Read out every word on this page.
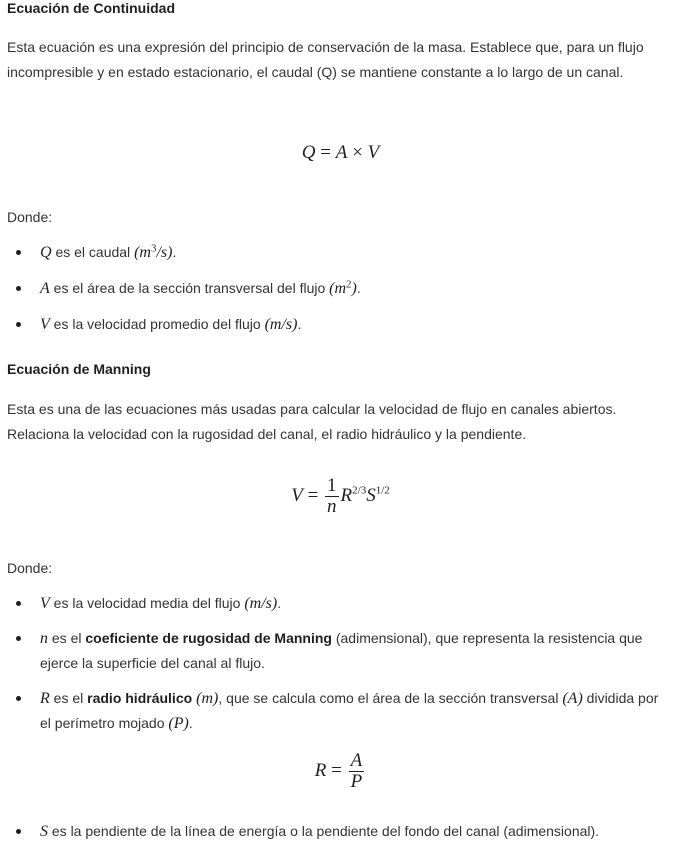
Ecuación de Continuidad

Esta ecuación es una expresión del principio de conservación de la masa. Establece que, para un flujo incompresible y en estado estacionario, el caudal (Q) se mantiene constante a lo largo de un canal.

Q = A × V
Donde:
Q es el caudal $(m^3/s)$.
A es el área de la sección transversal del flujo $(m^2)$.
V es la velocidad promedio del flujo (m/s).
Ecuación de Manning

Esta es una de las ecuaciones más usadas para calcular la velocidad de flujo en canales abiertos. Relaciona la velocidad con la rugosidad del canal, el radio hidráulico y la pendiente.

$V = \frac{1}{n} R^{2/3}S^{1/2}$
Donde:
V es la velocidad media del flujo (m/s).
n es el coeficiente de rugosidad de Manning (adimensional), que representa la resistencia que ejerce la superficie del canal al flujo.
R es el radio hidráulico (m), que se calcula como el área de la sección transversal (A) dividida por el perímetro mojado (P).
$R = \frac{A}{P}$
S es la pendiente de la línea de energía o la pendiente del fondo del canal (adimensional).
